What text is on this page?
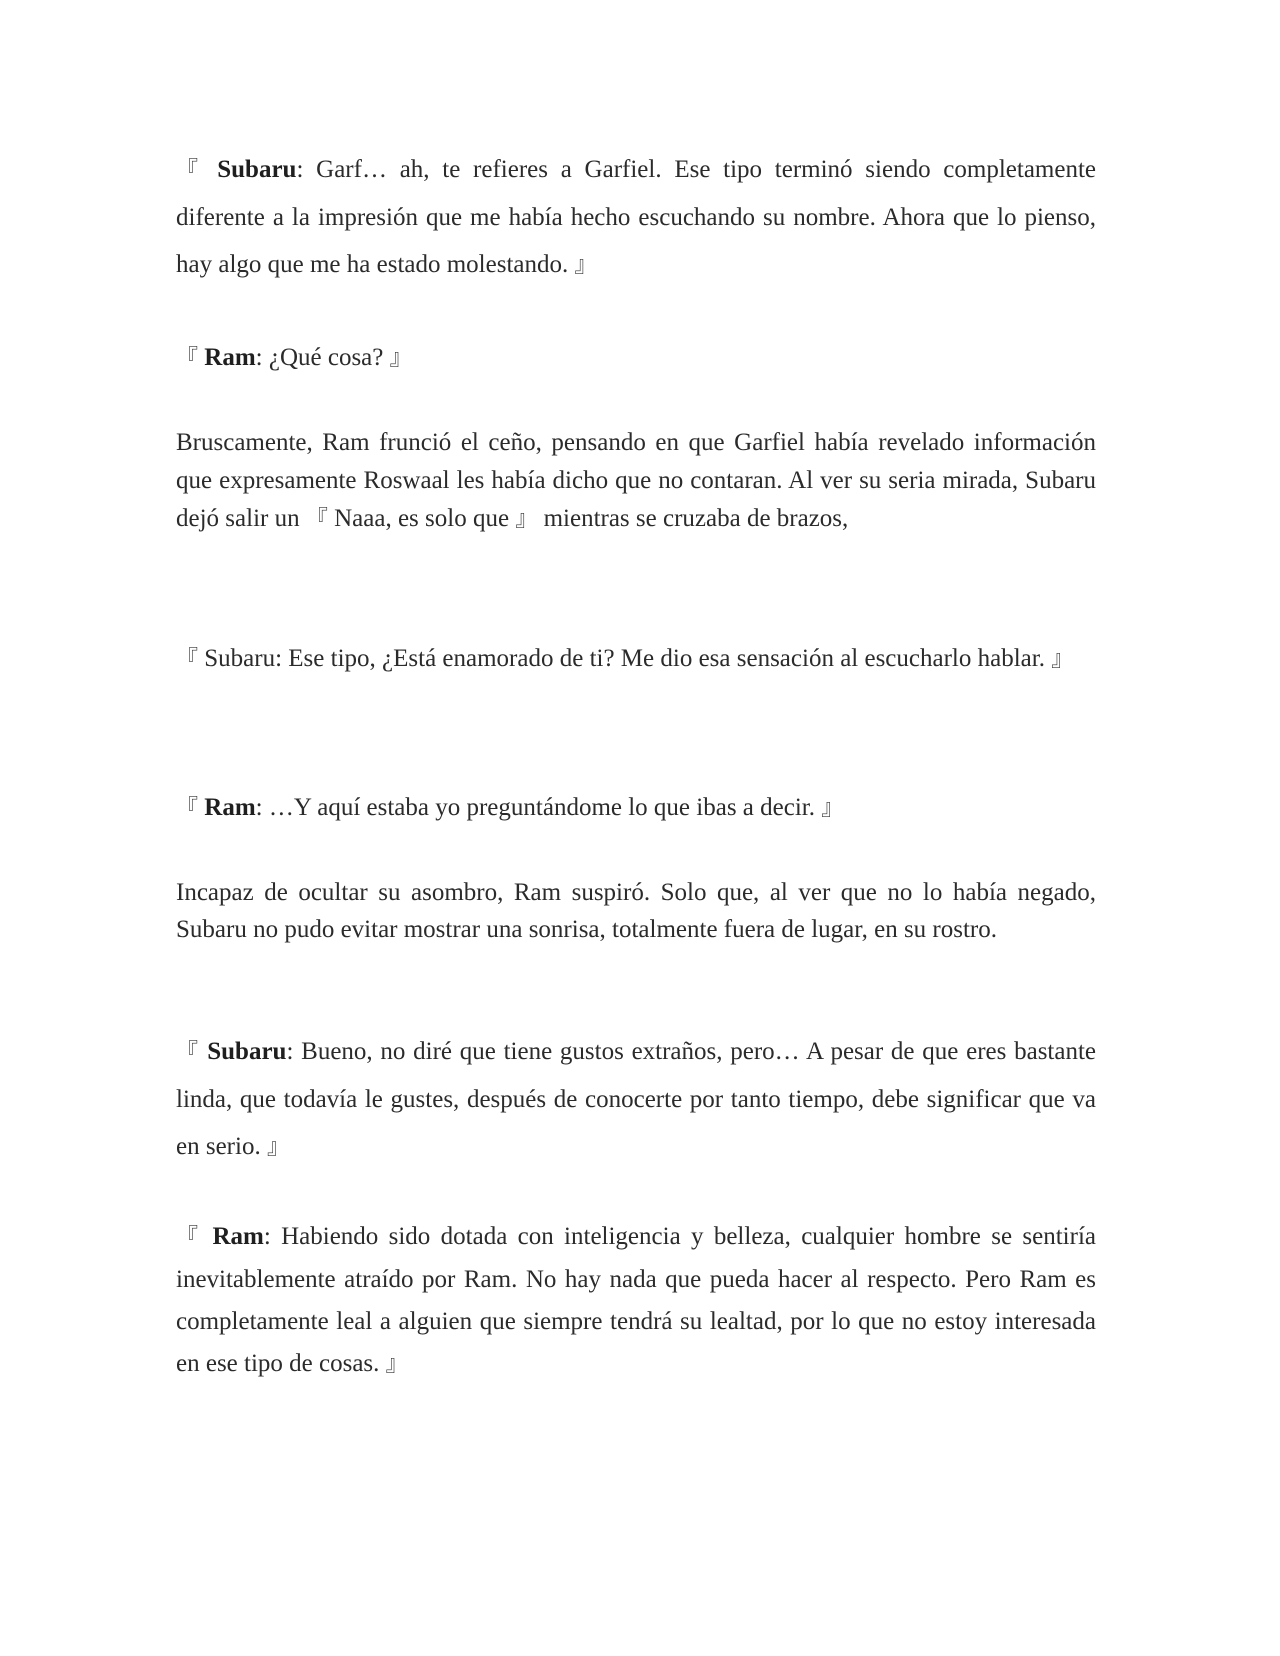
『 Subaru: Garf… ah, te refieres a Garfiel. Ese tipo terminó siendo completamente diferente a la impresión que me había hecho escuchando su nombre. Ahora que lo pienso, hay algo que me ha estado molestando. 』

『 Ram: ¿Qué cosa? 』

Bruscamente, Ram frunció el ceño, pensando en que Garfiel había revelado información que expresamente Roswaal les había dicho que no contaran. Al ver su seria mirada, Subaru dejó salir un 『 Naaa, es solo que 』 mientras se cruzaba de brazos,

『 Subaru: Ese tipo, ¿Está enamorado de ti? Me dio esa sensación al escucharlo hablar. 』

『 Ram: …Y aquí estaba yo preguntándome lo que ibas a decir. 』

Incapaz de ocultar su asombro, Ram suspiró. Solo que, al ver que no lo había negado, Subaru no pudo evitar mostrar una sonrisa, totalmente fuera de lugar, en su rostro.

『 Subaru: Bueno, no diré que tiene gustos extraños, pero… A pesar de que eres bastante linda, que todavía le gustes, después de conocerte por tanto tiempo, debe significar que va en serio. 』

『 Ram: Habiendo sido dotada con inteligencia y belleza, cualquier hombre se sentiría inevitablemente atraído por Ram. No hay nada que pueda hacer al respecto. Pero Ram es completamente leal a alguien que siempre tendrá su lealtad, por lo que no estoy interesada en ese tipo de cosas. 』
